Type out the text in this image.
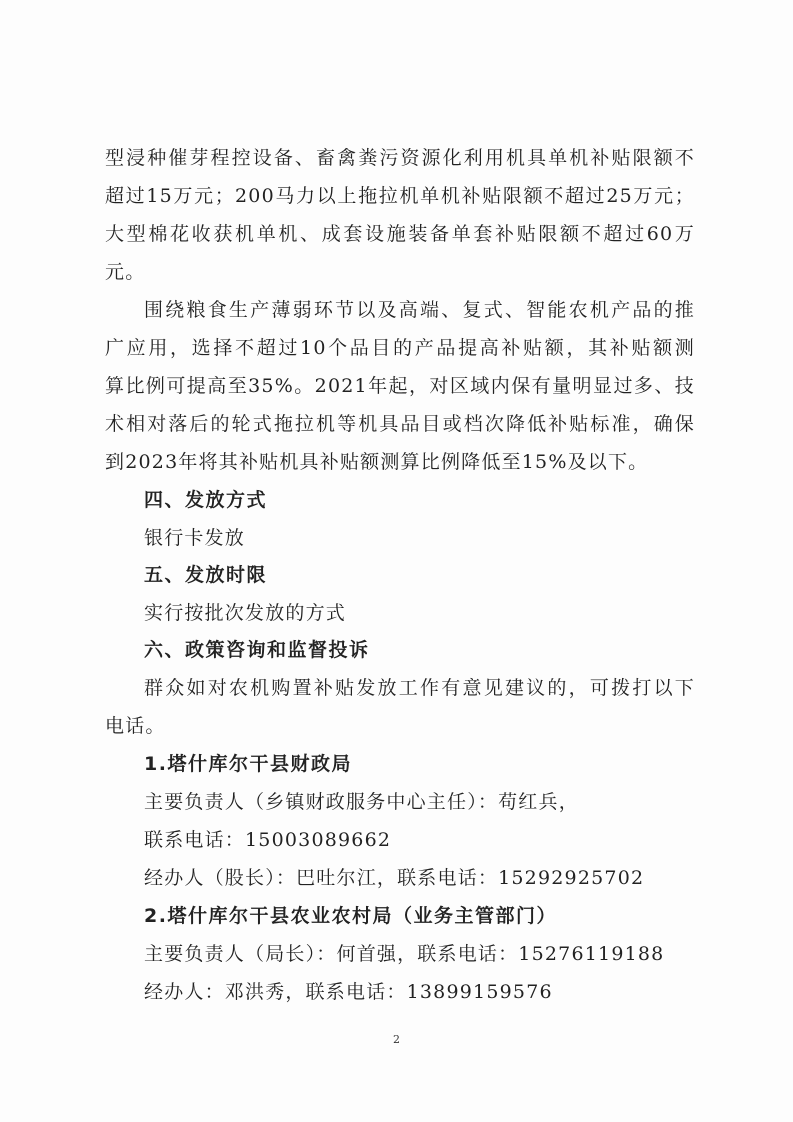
型浸种催芽程控设备、畜禽粪污资源化利用机具单机补贴限额不
超过15万元；200马力以上拖拉机单机补贴限额不超过25万元；
大型棉花收获机单机、成套设施装备单套补贴限额不超过60万
元。
围绕粮食生产薄弱环节以及高端、复式、智能农机产品的推
广应用，选择不超过10个品目的产品提高补贴额，其补贴额测
算比例可提高至35%。2021年起，对区域内保有量明显过多、技
术相对落后的轮式拖拉机等机具品目或档次降低补贴标准，确保
到2023年将其补贴机具补贴额测算比例降低至15%及以下。
四、发放方式
银行卡发放
五、发放时限
实行按批次发放的方式
六、政策咨询和监督投诉
群众如对农机购置补贴发放工作有意见建议的，可拨打以下
电话。
1.塔什库尔干县财政局
主要负责人（乡镇财政服务中心主任）：苟红兵，
联系电话：15003089662
经办人（股长）：巴吐尔江，联系电话：15292925702
2.塔什库尔干县农业农村局（业务主管部门）
主要负责人（局长）：何首强，联系电话：15276119188
经办人：邓洪秀，联系电话：13899159576
2
